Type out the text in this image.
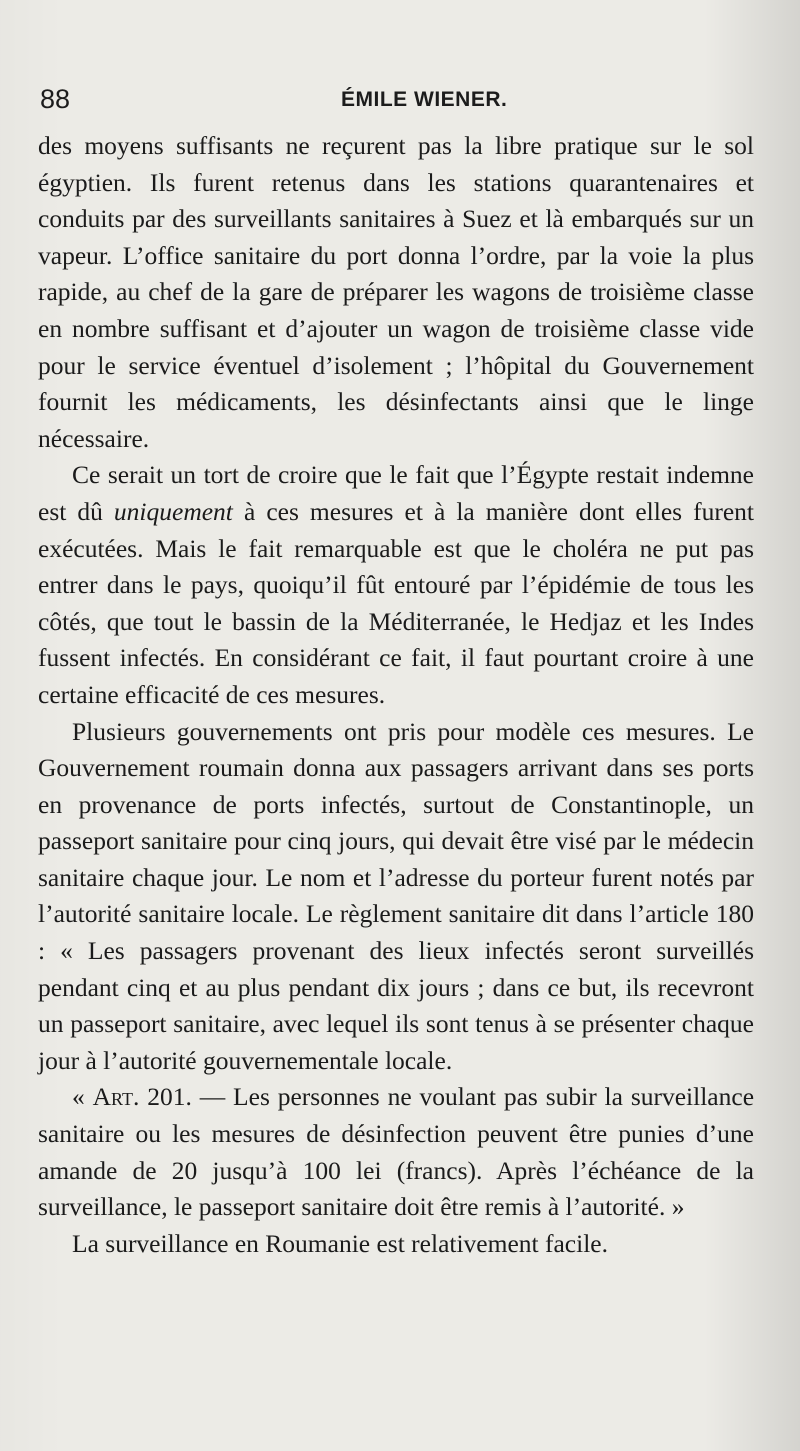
88	ÉMILE WIENER.

des moyens suffisants ne reçurent pas la libre pratique sur le sol égyptien. Ils furent retenus dans les stations quarantenaires et conduits par des surveillants sanitaires à Suez et là embarqués sur un vapeur. L’office sanitaire du port donna l’ordre, par la voie la plus rapide, au chef de la gare de préparer les wagons de troisième classe en nombre suffisant et d’ajouter un wagon de troisième classe vide pour le service éventuel d’isolement ; l’hôpital du Gouvernement fournit les médicaments, les désinfectants ainsi que le linge nécessaire.

Ce serait un tort de croire que le fait que l’Égypte restait indemne est dû uniquement à ces mesures et à la manière dont elles furent exécutées. Mais le fait remarquable est que le choléra ne put pas entrer dans le pays, quoiqu’il fût entouré par l’épidémie de tous les côtés, que tout le bassin de la Méditerranée, le Hedjaz et les Indes fussent infectés. En considérant ce fait, il faut pourtant croire à une certaine efficacité de ces mesures.

Plusieurs gouvernements ont pris pour modèle ces mesures. Le Gouvernement roumain donna aux passagers arrivant dans ses ports en provenance de ports infectés, surtout de Constantinople, un passeport sanitaire pour cinq jours, qui devait être visé par le médecin sanitaire chaque jour. Le nom et l’adresse du porteur furent notés par l’autorité sanitaire locale. Le règlement sanitaire dit dans l’article 180 : « Les passagers provenant des lieux infectés seront surveillés pendant cinq et au plus pendant dix jours ; dans ce but, ils recevront un passeport sanitaire, avec lequel ils sont tenus à se présenter chaque jour à l’autorité gouvernementale locale.

« Art. 201. — Les personnes ne voulant pas subir la surveillance sanitaire ou les mesures de désinfection peuvent être punies d’une amande de 20 jusqu’à 100 lei (francs). Après l’échéance de la surveillance, le passeport sanitaire doit être remis à l’autorité. »

La surveillance en Roumanie est relativement facile.
